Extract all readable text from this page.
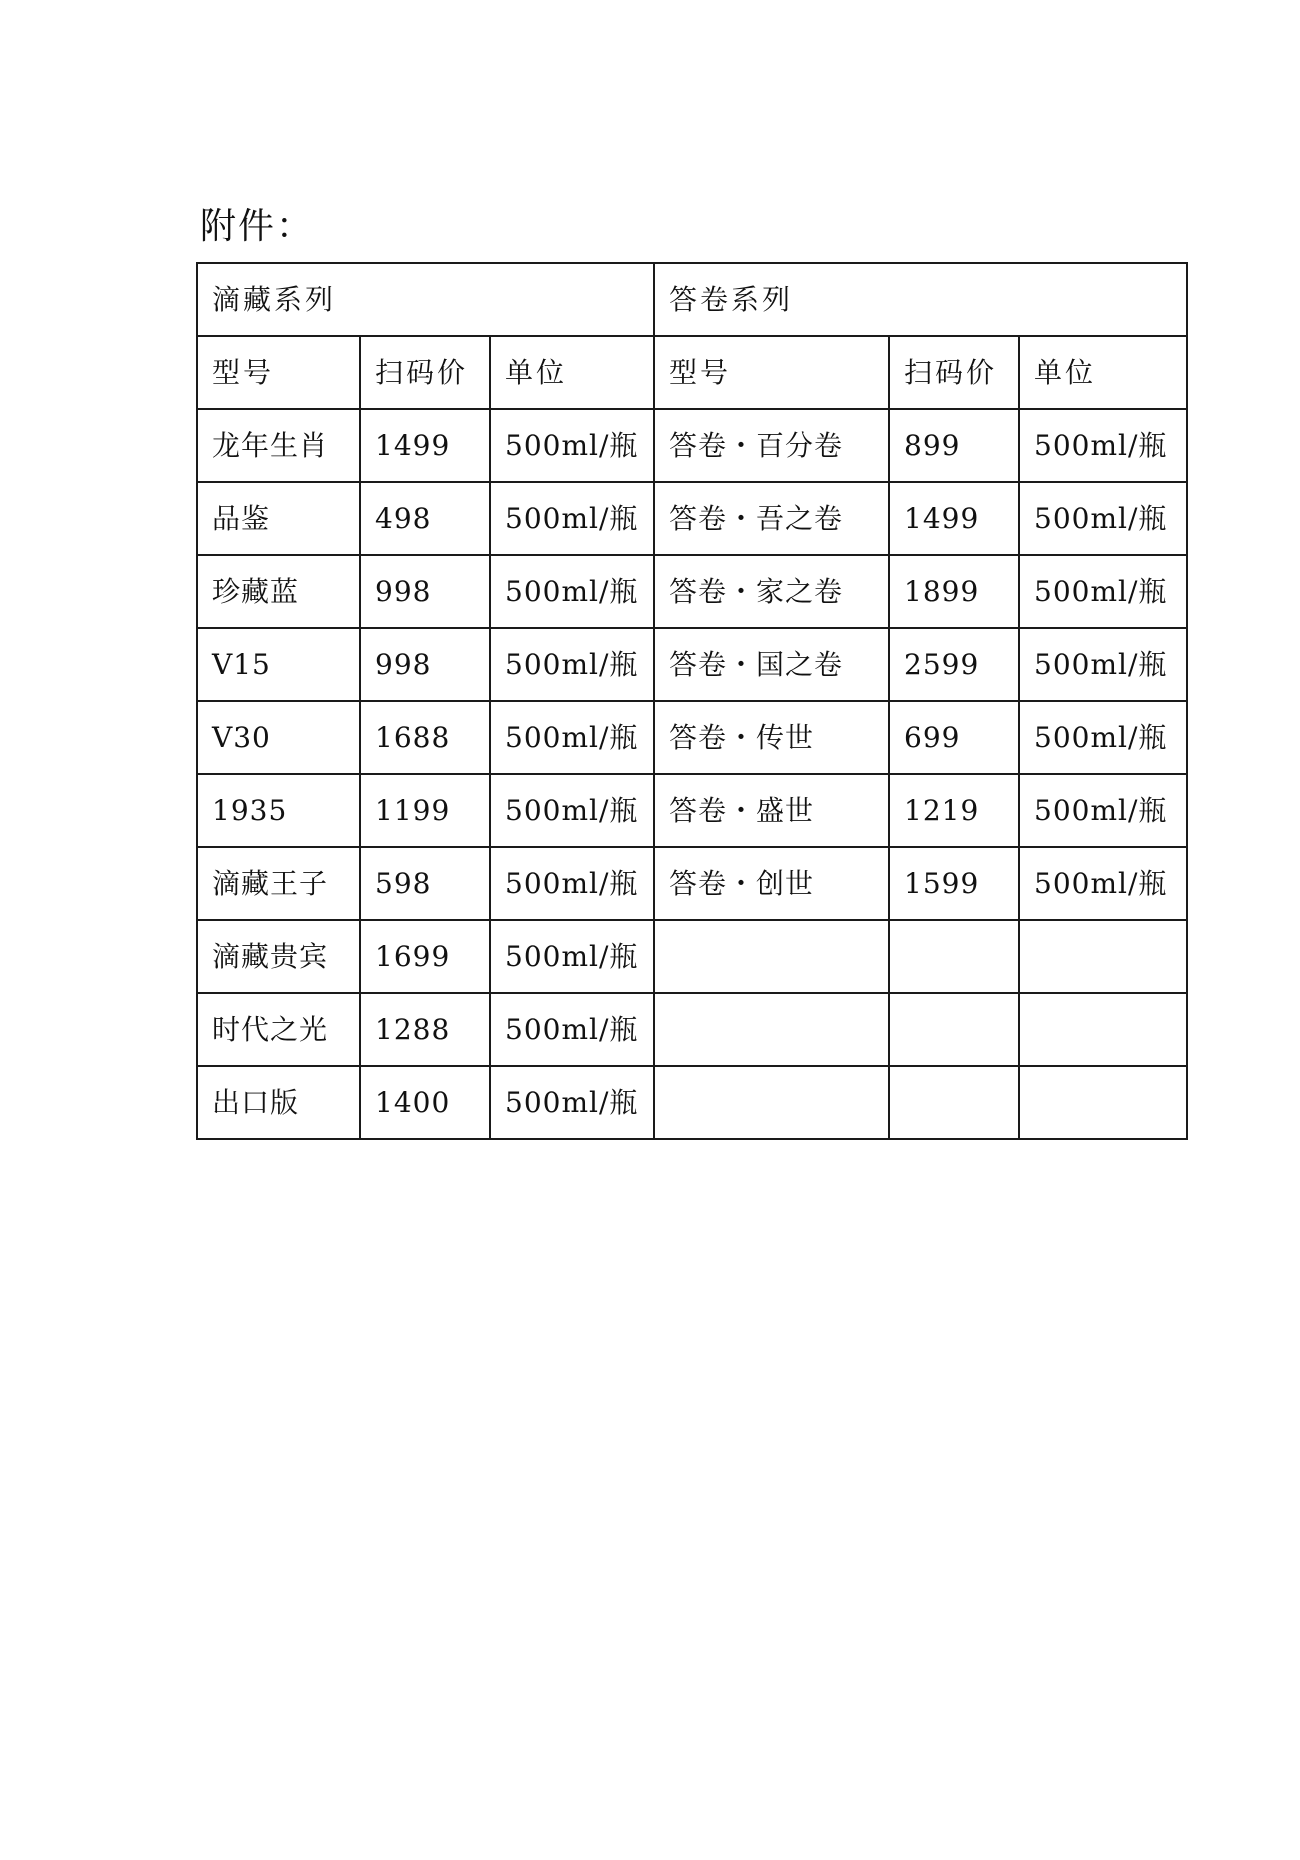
附件：
滴藏系列			答卷系列		
型号	扫码价	单位	型号	扫码价	单位
龙年生肖	1499	500ml/瓶	答卷・百分卷	899	500ml/瓶
品鉴	498	500ml/瓶	答卷・吾之卷	1499	500ml/瓶
珍藏蓝	998	500ml/瓶	答卷・家之卷	1899	500ml/瓶
V15	998	500ml/瓶	答卷・国之卷	2599	500ml/瓶
V30	1688	500ml/瓶	答卷・传世	699	500ml/瓶
1935	1199	500ml/瓶	答卷・盛世	1219	500ml/瓶
滴藏王子	598	500ml/瓶	答卷・创世	1599	500ml/瓶
滴藏贵宾	1699	500ml/瓶			
时代之光	1288	500ml/瓶			
出口版	1400	500ml/瓶			
